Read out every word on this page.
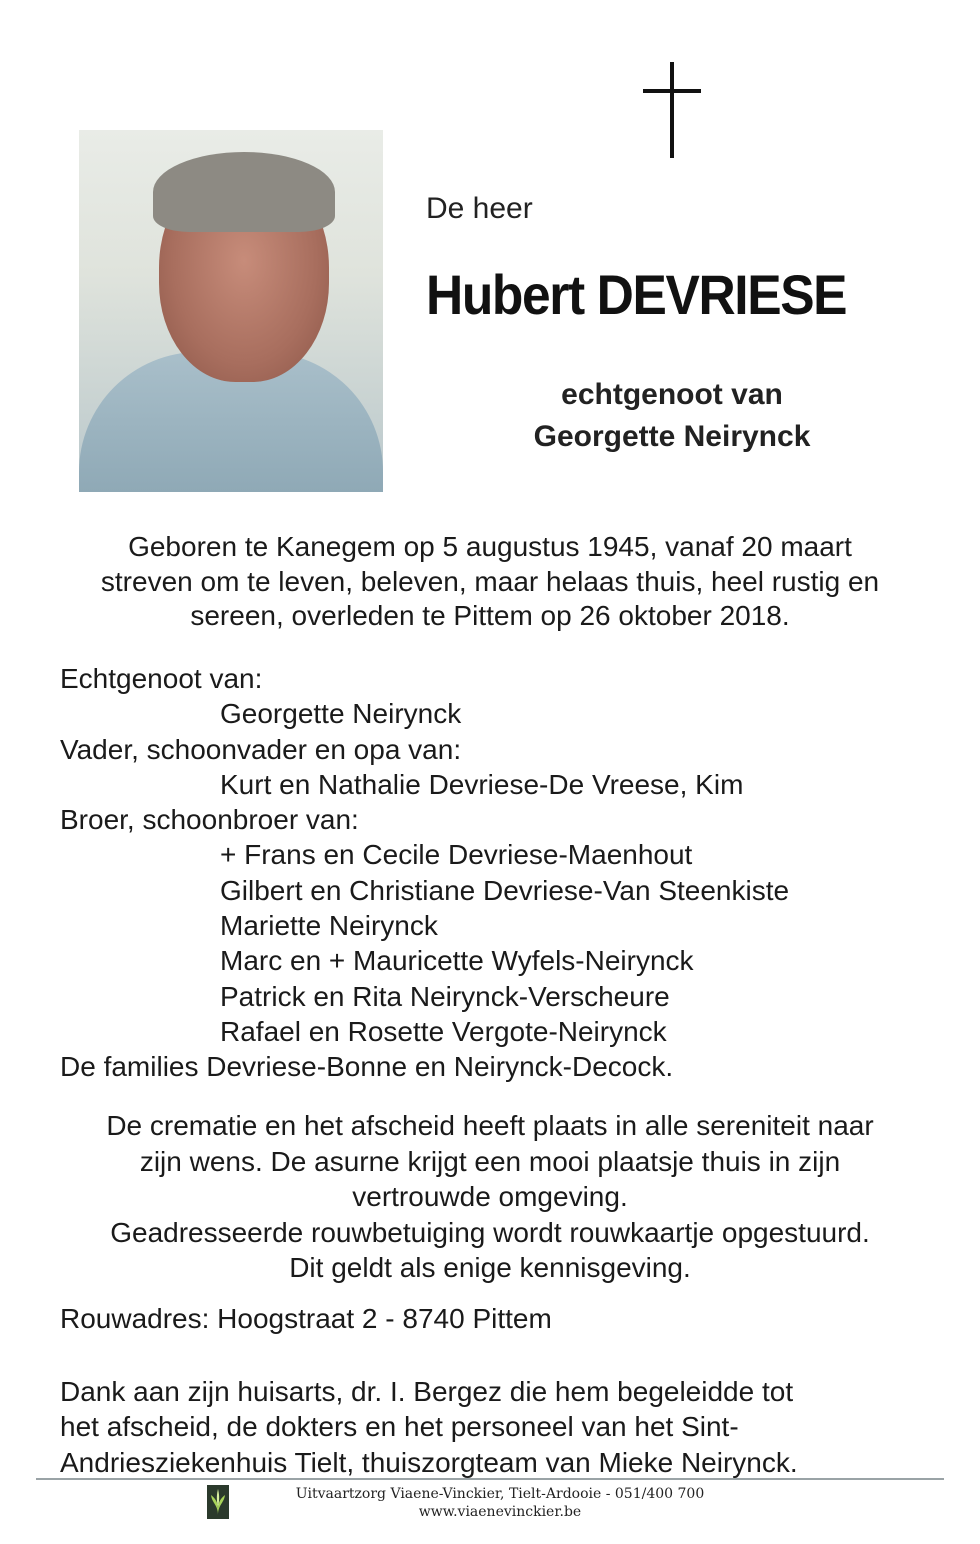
De heer
Hubert DEVRIESE
echtgenoot van
Georgette Neirynck
Geboren te Kanegem op 5 augustus 1945, vanaf 20 maart
streven om te leven, beleven, maar helaas thuis, heel rustig en
sereen, overleden te Pittem op 26 oktober 2018.
Echtgenoot van:
Georgette Neirynck
Vader, schoonvader en opa van:
Kurt en Nathalie Devriese-De Vreese, Kim
Broer, schoonbroer van:
+ Frans en Cecile Devriese-Maenhout
Gilbert en Christiane Devriese-Van Steenkiste
Mariette Neirynck
Marc en + Mauricette Wyfels-Neirynck
Patrick en Rita Neirynck-Verscheure
Rafael en Rosette Vergote-Neirynck
De families Devriese-Bonne en Neirynck-Decock.
De crematie en het afscheid heeft plaats in alle sereniteit naar
zijn wens. De asurne krijgt een mooi plaatsje thuis in zijn
vertrouwde omgeving.
Geadresseerde rouwbetuiging wordt rouwkaartje opgestuurd.
Dit geldt als enige kennisgeving.
Rouwadres: Hoogstraat 2 - 8740 Pittem
Dank aan zijn huisarts, dr. I. Bergez die hem begeleidde tot
het afscheid, de dokters en het personeel van het Sint-
Andriesziekenhuis Tielt, thuiszorgteam van Mieke Neirynck.
Uitvaartzorg Viaene-Vinckier, Tielt-Ardooie - 051/400 700
www.viaenevinckier.be
